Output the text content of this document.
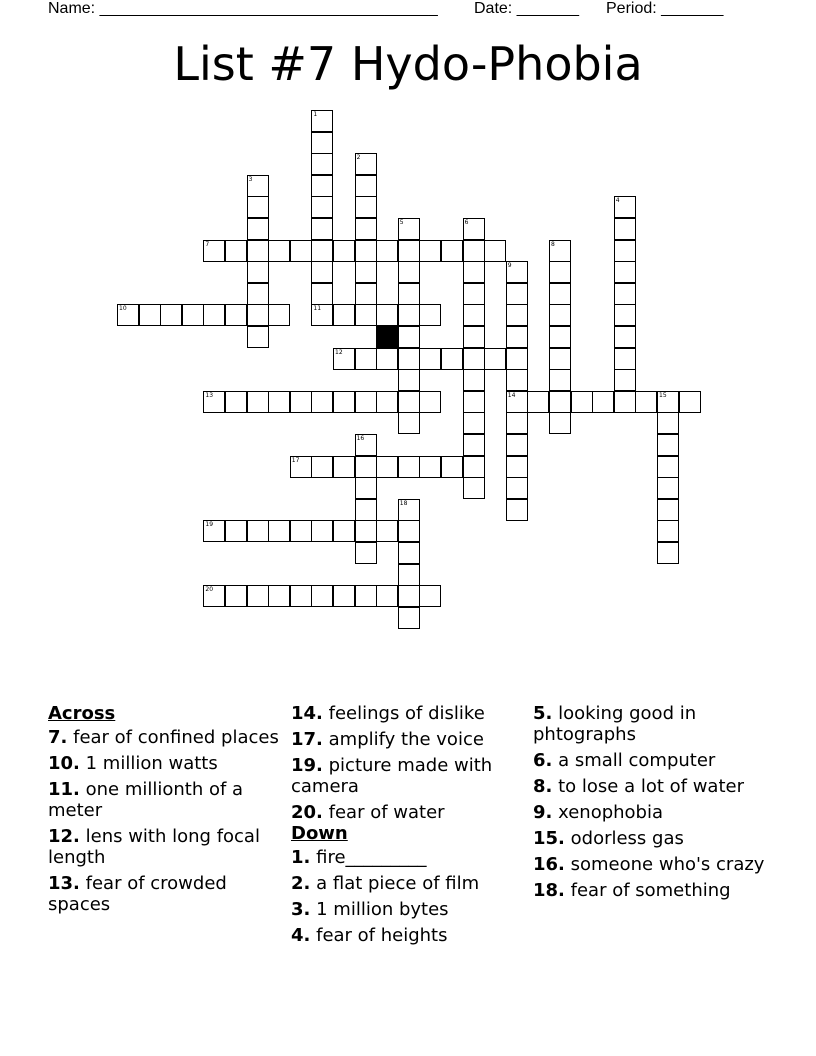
Name: ______________________________________ Date: _______ Period: _______
List #7 Hydo-Phobia
1
2
3
4
5	6
7	8
9
10	11
12
13	14	15
16
17
18
19
20
Across
7. fear of confined places
10. 1 million watts
11. one millionth of a meter
12. lens with long focal length
13. fear of crowded spaces
14. feelings of dislike
17. amplify the voice
19. picture made with camera
20. fear of water
Down
1. fire_________
2. a flat piece of film
3. 1 million bytes
4. fear of heights
5. looking good in phtographs
6. a small computer
8. to lose a lot of water
9. xenophobia
15. odorless gas
16. someone who's crazy
18. fear of something
